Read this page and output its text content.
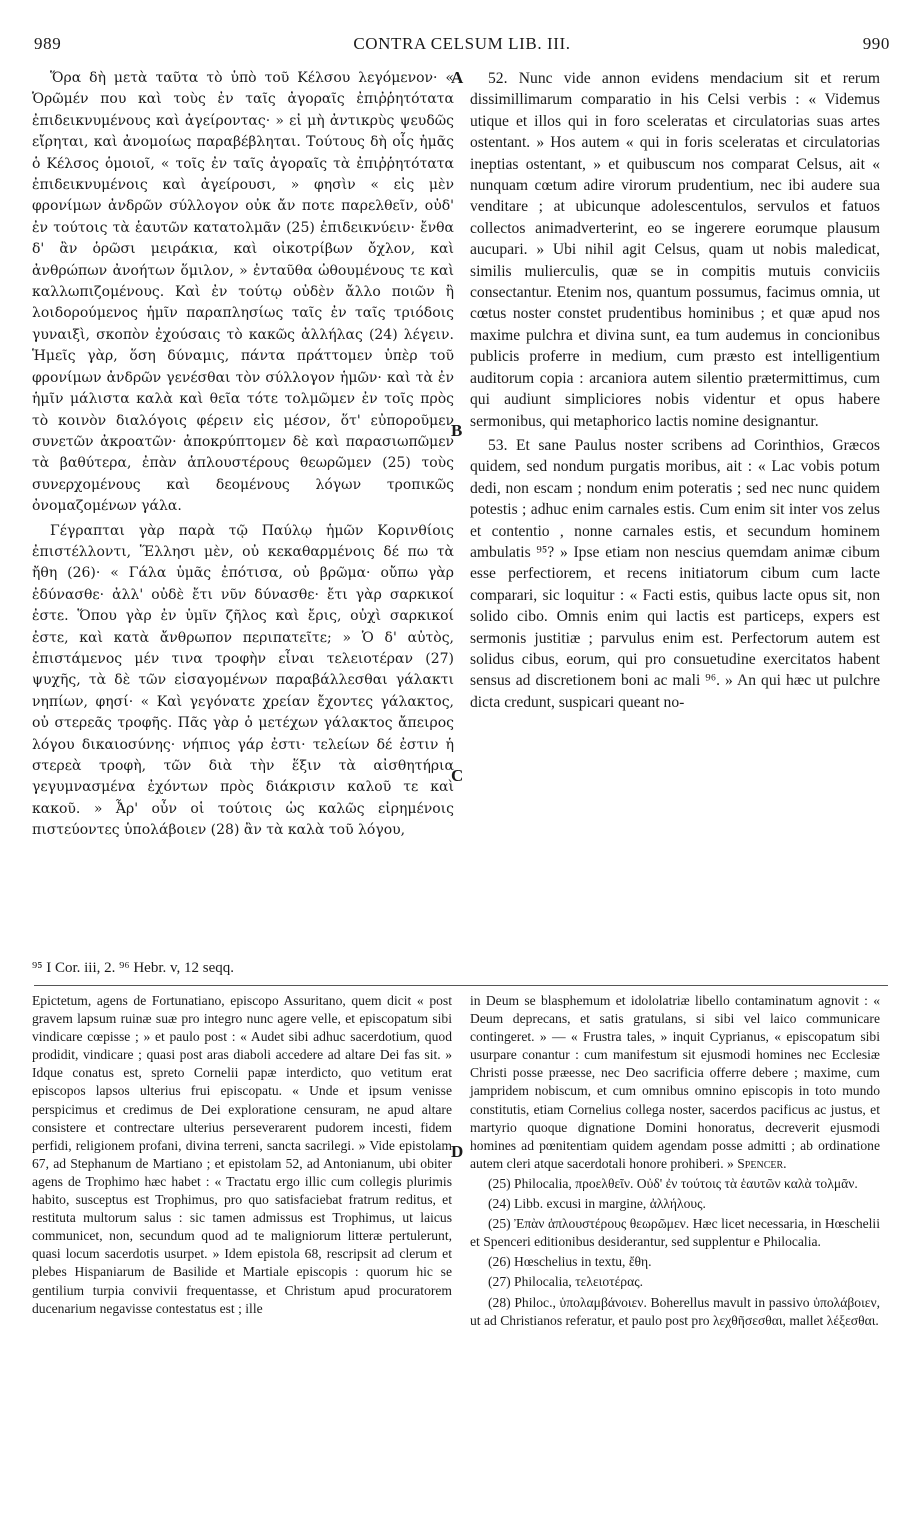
989	CONTRA CELSUM LIB. III.	990
A
B
C
D

Ὅρα δὴ μετὰ ταῦτα τὸ ὑπὸ τοῦ Κέλσου λεγόμενον· « Ὁρῶμέν που καὶ τοὺς ἐν ταῖς ἀγοραῖς ἐπιῤῥητότατα ἐπιδεικνυμένους καὶ ἀγείροντας· » εἰ μὴ ἀντικρὺς ψευδῶς εἴρηται, καὶ ἀνομοίως παραβέβληται. Τούτους δὴ οἷς ἡμᾶς ὁ Κέλσος ὁμοιοῖ, « τοῖς ἐν ταῖς ἀγοραῖς τὰ ἐπιῤῥητότατα ἐπιδεικνυμένοις καὶ ἀγείρουσι, » φησὶν « εἰς μὲν φρονίμων ἀνδρῶν σύλλογον οὐκ ἄν ποτε παρελθεῖν, οὐδ' ἐν τούτοις τὰ ἑαυτῶν κατατολμᾶν (25) ἐπιδεικνύειν· ἔνθα δ' ἂν ὁρῶσι μειράκια, καὶ οἰκοτρίβων ὄχλον, καὶ ἀνθρώπων ἀνοήτων ὅμιλον, » ἐνταῦθα ὠθουμένους τε καὶ καλλωπιζομένους. Καὶ ἐν τούτῳ οὐδὲν ἄλλο ποιῶν ἢ λοιδορούμενος ἡμῖν παραπλησίως ταῖς ἐν ταῖς τριόδοις γυναιξὶ, σκοπὸν ἐχούσαις τὸ κακῶς ἀλλήλας (24) λέγειν. Ἡμεῖς γὰρ, ὅση δύναμις, πάντα πράττομεν ὑπὲρ τοῦ φρονίμων ἀνδρῶν γενέσθαι τὸν σύλλογον ἡμῶν· καὶ τὰ ἐν ἡμῖν μάλιστα καλὰ καὶ θεῖα τότε τολμῶμεν ἐν τοῖς πρὸς τὸ κοινὸν διαλόγοις φέρειν εἰς μέσον, ὅτ' εὐποροῦμεν συνετῶν ἀκροατῶν· ἀποκρύπτομεν δὲ καὶ παρασιωπῶμεν τὰ βαθύτερα, ἐπὰν ἁπλουστέρους θεωρῶμεν (25) τοὺς συνερχομένους καὶ δεομένους λόγων τροπικῶς ὀνομαζομένων γάλα.

Γέγραπται γὰρ παρὰ τῷ Παύλῳ ἡμῶν Κορινθίοις ἐπιστέλλοντι, Ἕλλησι μὲν, οὐ κεκαθαρμένοις δέ πω τὰ ἤθη (26)· « Γάλα ὑμᾶς ἐπότισα, οὐ βρῶμα· οὔπω γὰρ ἐδύνασθε· ἀλλ' οὐδὲ ἔτι νῦν δύνασθε· ἔτι γὰρ σαρκικοί ἐστε. Ὅπου γὰρ ἐν ὑμῖν ζῆλος καὶ ἔρις, οὐχὶ σαρκικοί ἐστε, καὶ κατὰ ἄνθρωπον περιπατεῖτε; » Ὁ δ' αὐτὸς, ἐπιστάμενος μέν τινα τροφὴν εἶναι τελειοτέραν (27) ψυχῆς, τὰ δὲ τῶν εἰσαγομένων παραβάλλεσθαι γάλακτι νηπίων, φησί· « Καὶ γεγόνατε χρείαν ἔχοντες γάλακτος, οὐ στερεᾶς τροφῆς. Πᾶς γὰρ ὁ μετέχων γάλακτος ἄπειρος λόγου δικαιοσύνης· νήπιος γάρ ἐστι· τελείων δέ ἐστιν ἡ στερεὰ τροφὴ, τῶν διὰ τὴν ἕξιν τὰ αἰσθητήρια γεγυμνασμένα ἐχόντων πρὸς διάκρισιν καλοῦ τε καὶ κακοῦ. » Ἆρ' οὖν οἱ τούτοις ὡς καλῶς εἰρημένοις πιστεύοντες ὑπολάβοιεν (28) ἂν τὰ καλὰ τοῦ λόγου,

52. Nunc vide annon evidens mendacium sit et rerum dissimillimarum comparatio in his Celsi verbis : « Videmus utique et illos qui in foro sceleratas et circulatorias suas artes ostentant. » Hos autem « qui in foris sceleratas et circulatorias ineptias ostentant, » et quibuscum nos comparat Celsus, ait « nunquam cœtum adire virorum prudentium, nec ibi audere sua venditare ; at ubicunque adolescentulos, servulos et fatuos collectos animadverterint, eo se ingerere eorumque plausum aucupari. » Ubi nihil agit Celsus, quam ut nobis maledicat, similis mulierculis, quæ se in compitis mutuis conviciis consectantur. Etenim nos, quantum possumus, facimus omnia, ut cœtus noster constet prudentibus hominibus ; et quæ apud nos maxime pulchra et divina sunt, ea tum audemus in concionibus publicis proferre in medium, cum præsto est intelligentium auditorum copia : arcaniora autem silentio prætermittimus, cum qui audiunt simpliciores nobis videntur et opus habere sermonibus, qui metaphorico lactis nomine designantur.

53. Et sane Paulus noster scribens ad Corinthios, Græcos quidem, sed nondum purgatis moribus, ait : « Lac vobis potum dedi, non escam ; nondum enim poteratis ; sed nec nunc quidem potestis ; adhuc enim carnales estis. Cum enim sit inter vos zelus et contentio , nonne carnales estis, et secundum hominem ambulatis ⁹⁵? » Ipse etiam non nescius quemdam animæ cibum esse perfectiorem, et recens initiatorum cibum cum lacte comparari, sic loquitur : « Facti estis, quibus lacte opus sit, non solido cibo. Omnis enim qui lactis est particeps, expers est sermonis justitiæ ; parvulus enim est. Perfectorum autem est solidus cibus, eorum, qui pro consuetudine exercitatos habent sensus ad discretionem boni ac mali ⁹⁶. » An qui hæc ut pulchre dicta credunt, suspicari queant no-

⁹⁵ I Cor. iii, 2. ⁹⁶ Hebr. v, 12 seqq.

Epictetum, agens de Fortunatiano, episcopo Assuritano, quem dicit « post gravem lapsum ruinæ suæ pro integro nunc agere velle, et episcopatum sibi vindicare cœpisse ; » et paulo post : « Audet sibi adhuc sacerdotium, quod prodidit, vindicare ; quasi post aras diaboli accedere ad altare Dei fas sit. » Idque conatus est, spreto Cornelii papæ interdicto, quo vetitum erat episcopos lapsos ulterius frui episcopatu. « Unde et ipsum venisse perspicimus et credimus de Dei exploratione censuram, ne apud altare consistere et contrectare ulterius perseverarent pudorem incesti, fidem perfidi, religionem profani, divina terreni, sancta sacrilegi. » Vide epistolam 67, ad Stephanum de Martiano ; et epistolam 52, ad Antonianum, ubi obiter agens de Trophimo hæc habet : « Tractatu ergo illic cum collegis plurimis habito, susceptus est Trophimus, pro quo satisfaciebat fratrum reditus, et restituta multorum salus : sic tamen admissus est Trophimus, ut laicus communicet, non, secundum quod ad te maligniorum litteræ pertulerunt, quasi locum sacerdotis usurpet. » Idem epistola 68, rescripsit ad clerum et plebes Hispaniarum de Basilide et Martiale episcopis : quorum hic se gentilium turpia convivii frequentasse, et Christum apud procuratorem ducenarium negavisse contestatus est ; ille

in Deum se blasphemum et idololatriæ libello contaminatum agnovit : « Deum deprecans, et satis gratulans, si sibi vel laico communicare contingeret. » — « Frustra tales, » inquit Cyprianus, « episcopatum sibi usurpare conantur : cum manifestum sit ejusmodi homines nec Ecclesiæ Christi posse præesse, nec Deo sacrificia offerre debere ; maxime, cum jampridem nobiscum, et cum omnibus omnino episcopis in toto mundo constitutis, etiam Cornelius collega noster, sacerdos pacificus ac justus, et martyrio quoque dignatione Domini honoratus, decreverit ejusmodi homines ad pœnitentiam quidem agendam posse admitti ; ab ordinatione autem cleri atque sacerdotali honore prohiberi. » Spencer.

(25) Philocalia, προελθεῖν. Οὐδ' ἐν τούτοις τὰ ἑαυτῶν καλὰ τολμᾶν.

(24) Libb. excusi in margine, ἀλλήλους.

(25) Ἐπὰν ἁπλουστέρους θεωρῶμεν. Hæc licet necessaria, in Hœschelii et Spenceri editionibus desiderantur, sed supplentur e Philocalia.

(26) Hœschelius in textu, ἔθη.

(27) Philocalia, τελειοτέρας.

(28) Philoc., ὑπολαμβάνοιεν. Boherellus mavult in passivo ὑπολάβοιεν, ut ad Christianos referatur, et paulo post pro λεχθῆσεσθαι, mallet λέξεσθαι.
